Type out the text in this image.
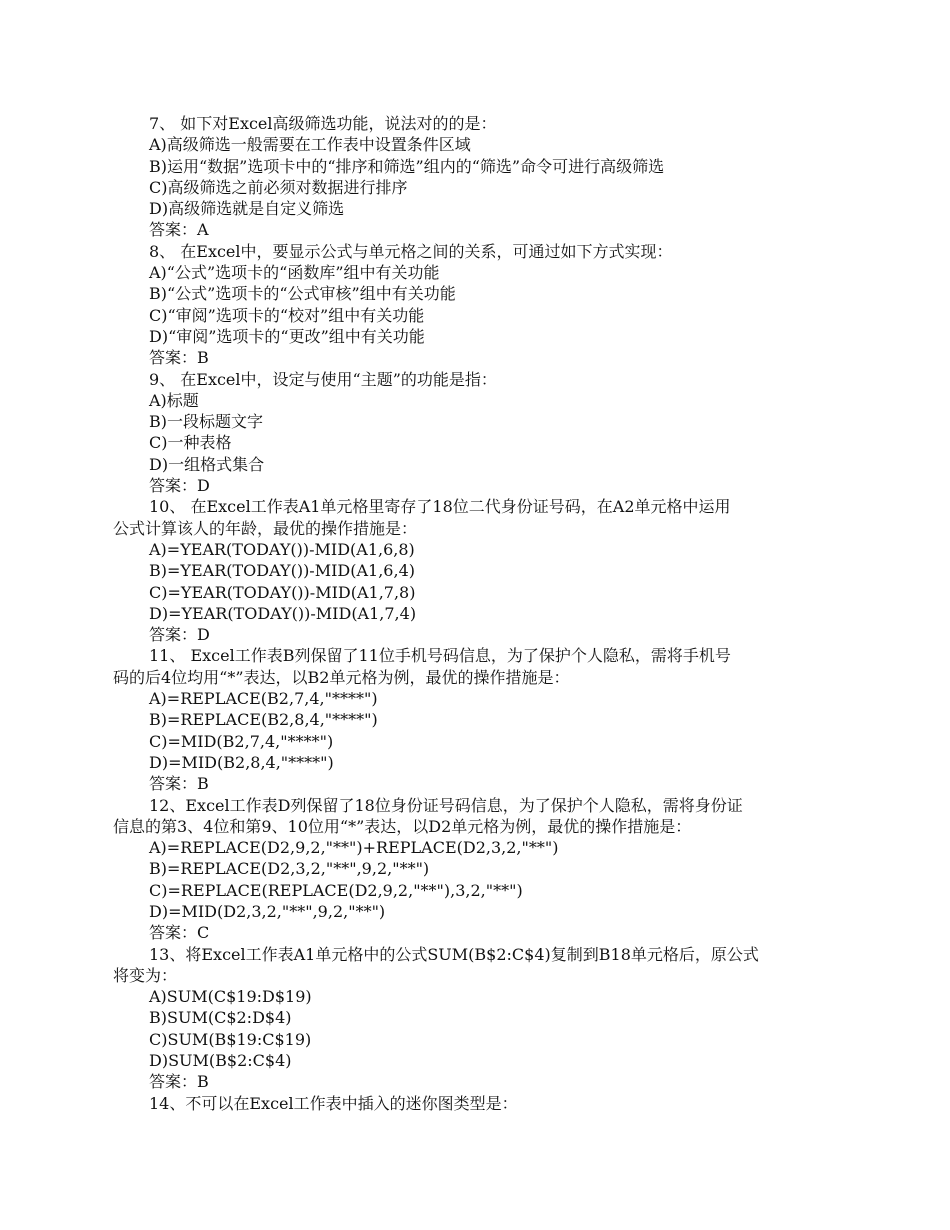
7、 如下对Excel高级筛选功能，说法对的的是：
A)高级筛选一般需要在工作表中设置条件区域
B)运用“数据”选项卡中的“排序和筛选”组内的“筛选”命令可进行高级筛选
C)高级筛选之前必须对数据进行排序
D)高级筛选就是自定义筛选
答案：A
8、 在Excel中，要显示公式与单元格之间的关系，可通过如下方式实现：
A)“公式”选项卡的“函数库”组中有关功能
B)“公式”选项卡的“公式审核”组中有关功能
C)“审阅”选项卡的“校对”组中有关功能
D)“审阅”选项卡的“更改”组中有关功能
答案：B
9、 在Excel中，设定与使用“主题”的功能是指：
A)标题
B)一段标题文字
C)一种表格
D)一组格式集合
答案：D
10、 在Excel工作表A1单元格里寄存了18位二代身份证号码，在A2单元格中运用
公式计算该人的年龄，最优的操作措施是：
A)=YEAR(TODAY())-MID(A1,6,8)
B)=YEAR(TODAY())-MID(A1,6,4)
C)=YEAR(TODAY())-MID(A1,7,8)
D)=YEAR(TODAY())-MID(A1,7,4)
答案：D
11、 Excel工作表B列保留了11位手机号码信息，为了保护个人隐私，需将手机号
码的后4位均用“*”表达，以B2单元格为例，最优的操作措施是：
A)=REPLACE(B2,7,4,"****")
B)=REPLACE(B2,8,4,"****")
C)=MID(B2,7,4,"****")
D)=MID(B2,8,4,"****")
答案：B
12、Excel工作表D列保留了18位身份证号码信息，为了保护个人隐私，需将身份证
信息的第3、4位和第9、10位用“*”表达，以D2单元格为例，最优的操作措施是：
A)=REPLACE(D2,9,2,"**")+REPLACE(D2,3,2,"**")
B)=REPLACE(D2,3,2,"**",9,2,"**")
C)=REPLACE(REPLACE(D2,9,2,"**"),3,2,"**")
D)=MID(D2,3,2,"**",9,2,"**")
答案：C
13、将Excel工作表A1单元格中的公式SUM(B$2:C$4)复制到B18单元格后，原公式
将变为：
A)SUM(C$19:D$19)
B)SUM(C$2:D$4)
C)SUM(B$19:C$19)
D)SUM(B$2:C$4)
答案：B
14、不可以在Excel工作表中插入的迷你图类型是：
